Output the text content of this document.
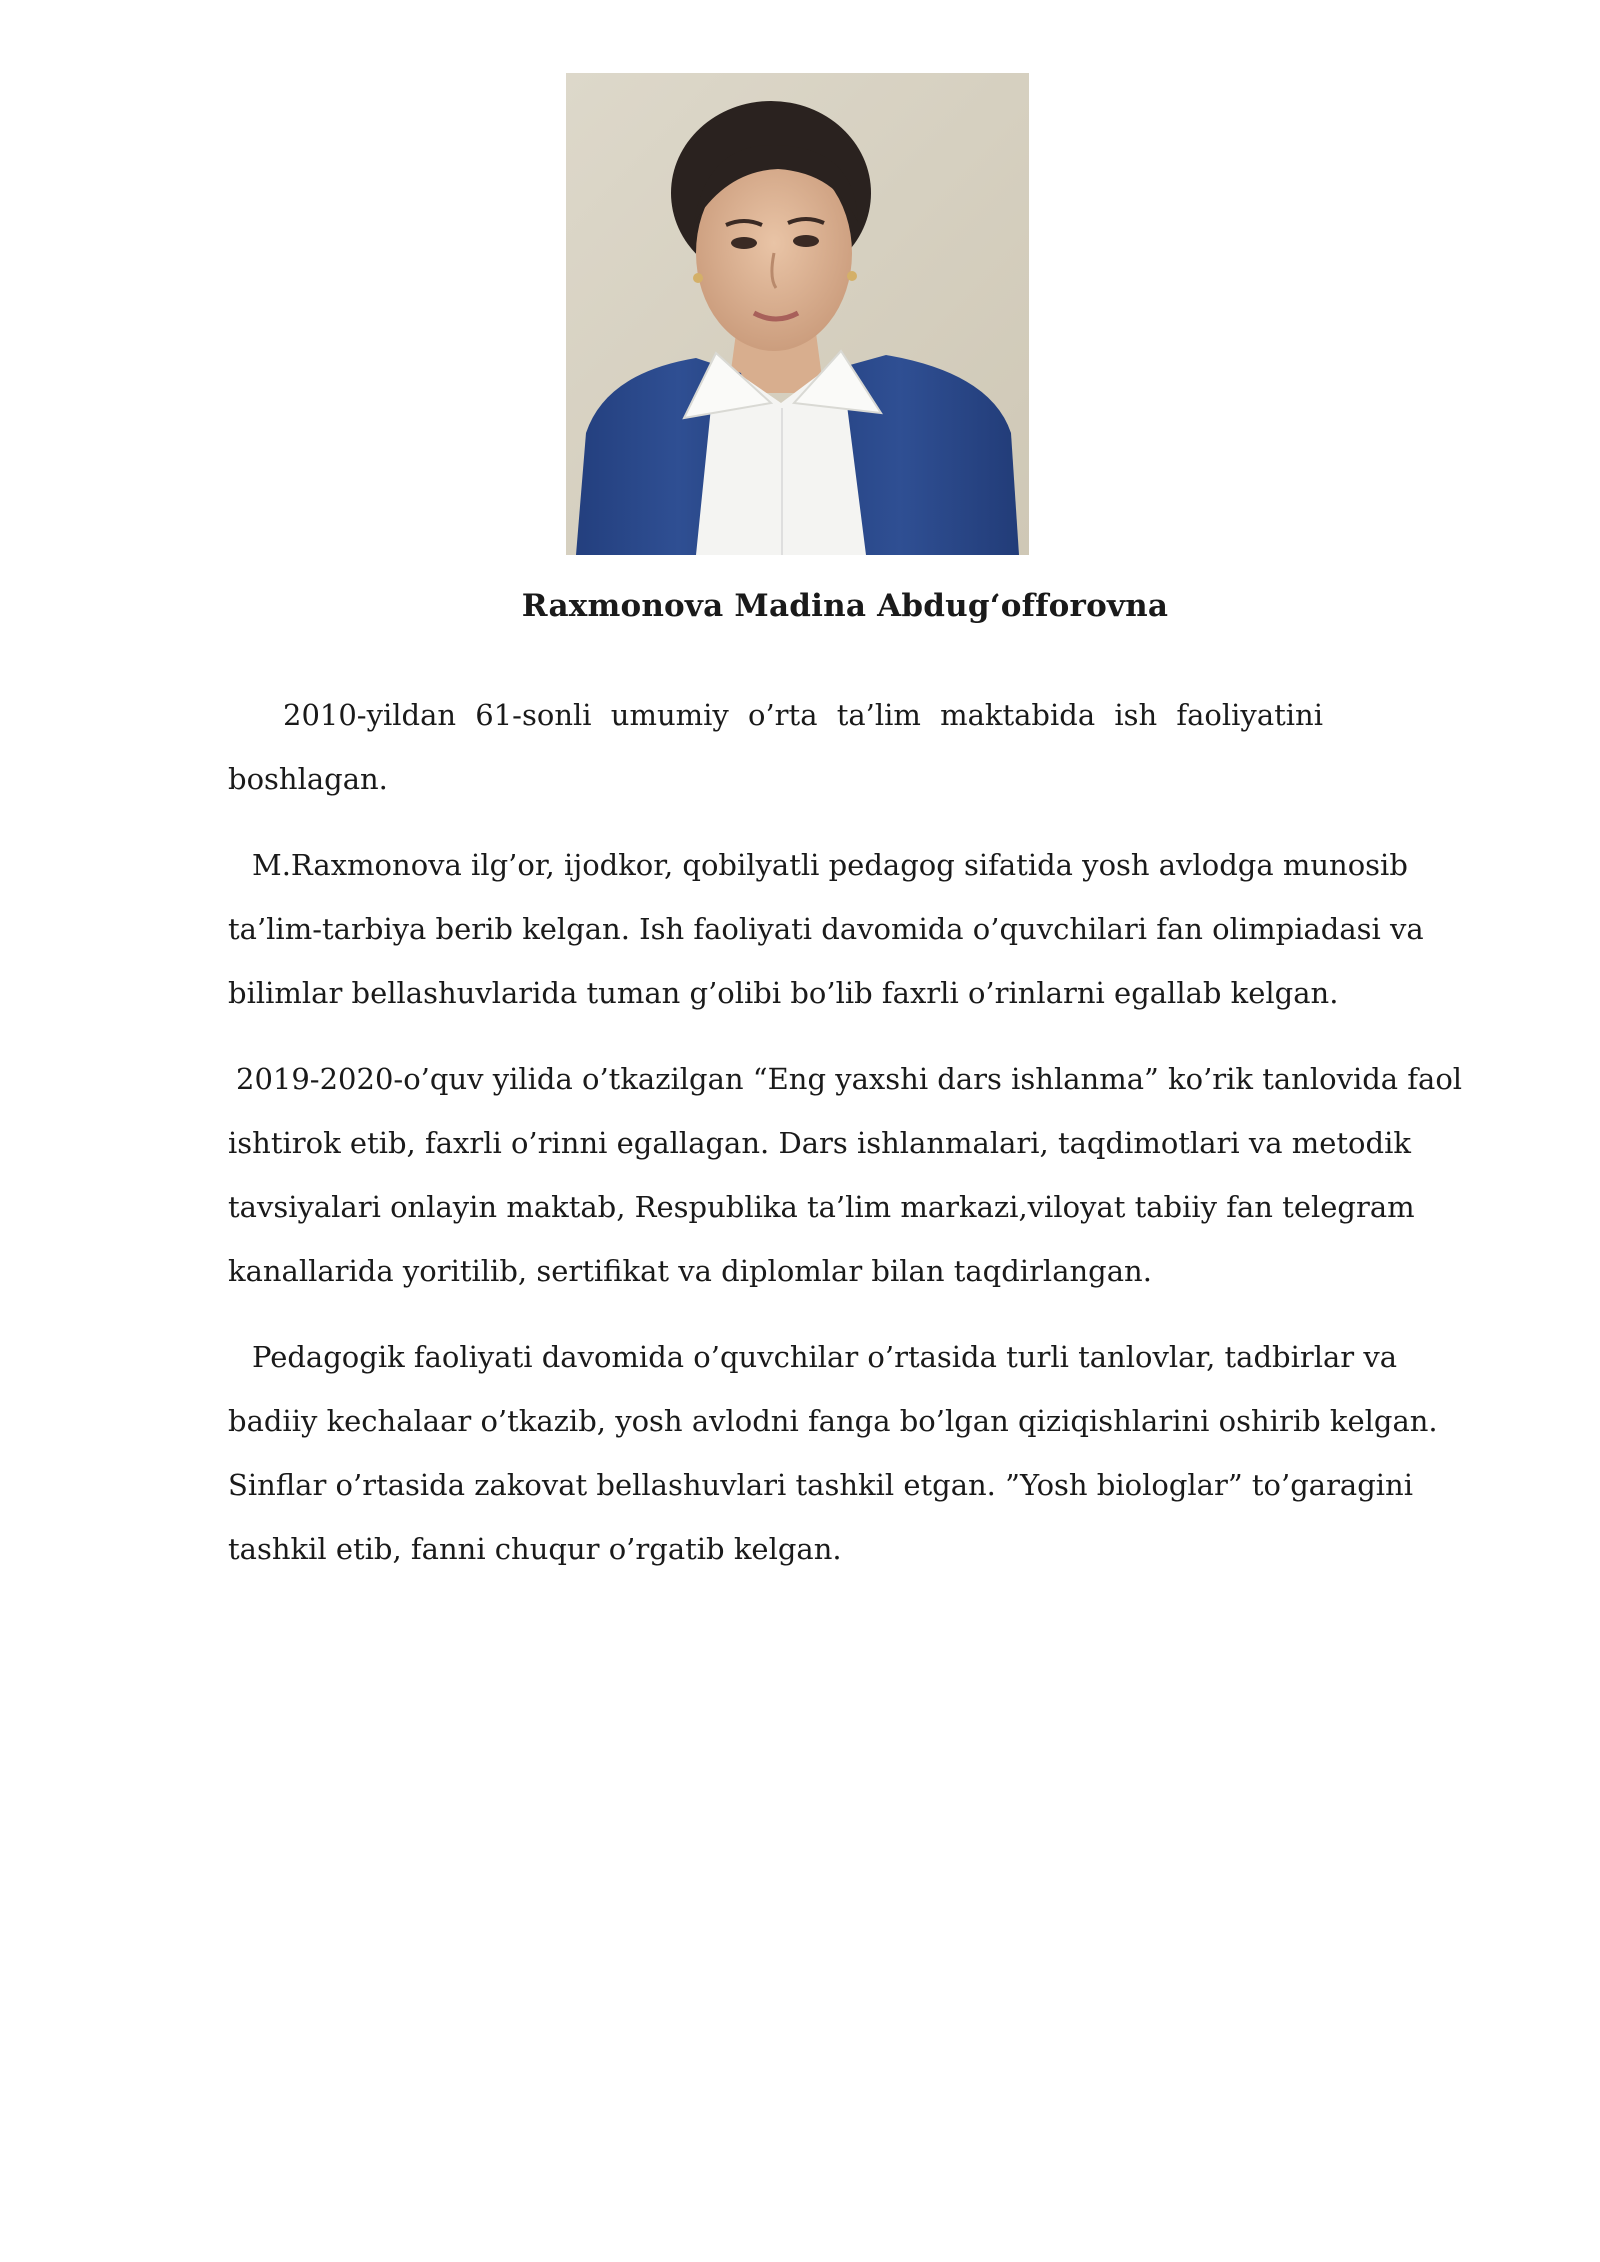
Raxmonova Madina Abdug‘offorovna

2010-yildan 61-sonli umumiy o’rta ta’lim maktabida ish faoliyatini boshlagan.

M.Raxmonova ilg’or, ijodkor, qobilyatli pedagog sifatida yosh avlodga munosib ta’lim-tarbiya berib kelgan. Ish faoliyati davomida o’quvchilari fan olimpiadasi va bilimlar bellashuvlarida tuman g’olibi bo’lib faxrli o’rinlarni egallab kelgan.

2019-2020-o’quv yilida o’tkazilgan “Eng yaxshi dars ishlanma” ko’rik tanlovida faol ishtirok etib, faxrli o’rinni egallagan. Dars ishlanmalari, taqdimotlari va metodik tavsiyalari onlayin maktab, Respublika ta’lim markazi,viloyat tabiiy fan telegram kanallarida yoritilib, sertifikat va diplomlar bilan taqdirlangan.

Pedagogik faoliyati davomida o’quvchilar o’rtasida turli tanlovlar, tadbirlar va badiiy kechalaar o’tkazib, yosh avlodni fanga bo’lgan qiziqishlarini oshirib kelgan. Sinflar o’rtasida zakovat bellashuvlari tashkil etgan. ”Yosh biologlar” to’garagini tashkil etib, fanni chuqur o’rgatib kelgan.
